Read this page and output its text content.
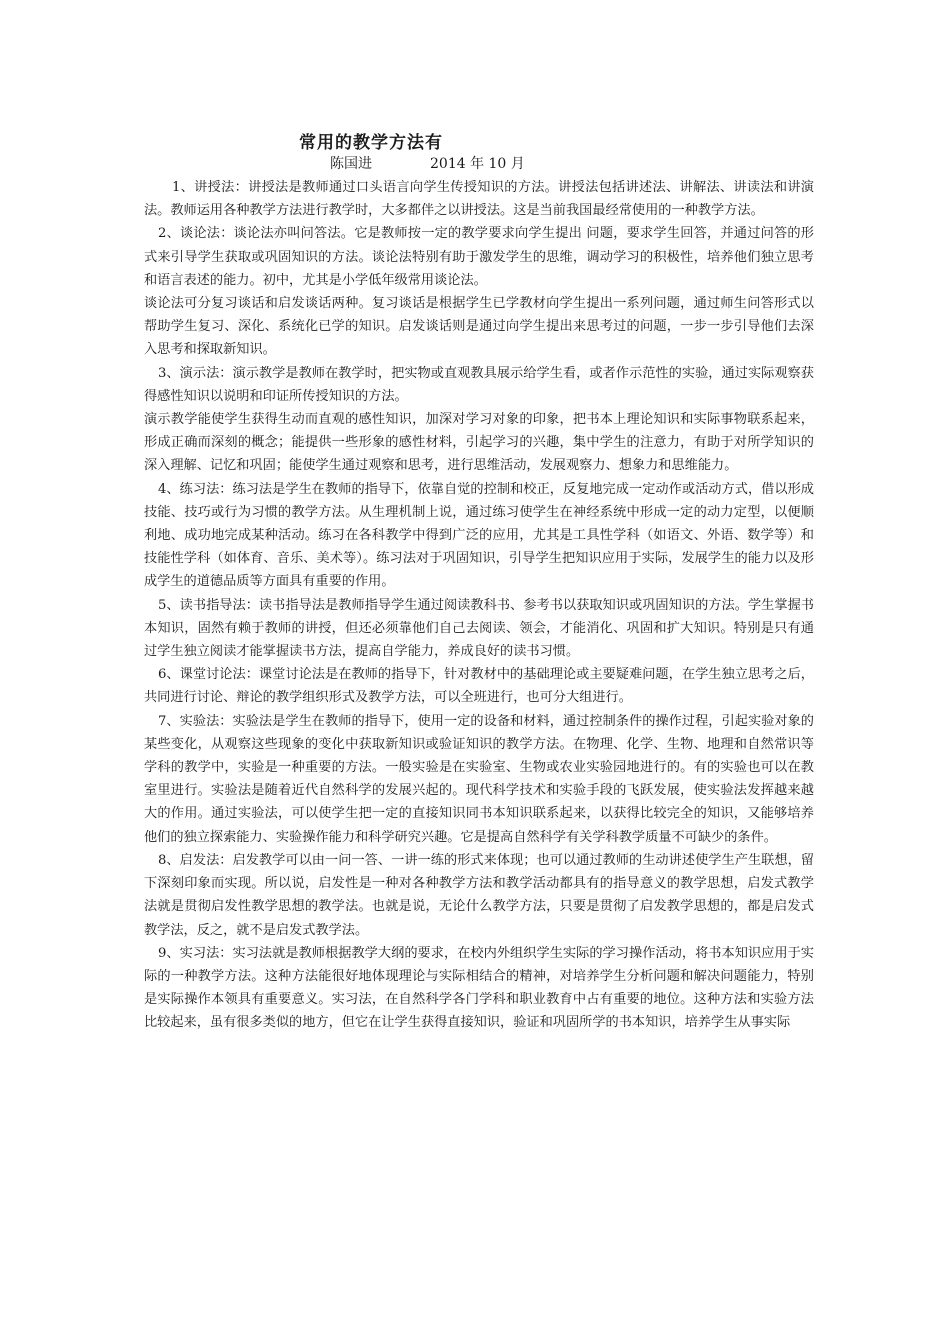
常用的教学方法有
陈国进	2014 年 10 月

1、讲授法：讲授法是教师通过口头语言向学生传授知识的方法。讲授法包括讲述法、讲解法、讲读法和讲演法。教师运用各种教学方法进行教学时，大多都伴之以讲授法。这是当前我国最经常使用的一种教学方法。

2、谈论法：谈论法亦叫问答法。它是教师按一定的教学要求向学生提出 问题，要求学生回答，并通过问答的形式来引导学生获取或巩固知识的方法。谈论法特别有助于激发学生的思维，调动学习的积极性，培养他们独立思考和语言表述的能力。初中，尤其是小学低年级常用谈论法。

谈论法可分复习谈话和启发谈话两种。复习谈话是根据学生已学教材向学生提出一系列问题，通过师生问答形式以帮助学生复习、深化、系统化已学的知识。启发谈话则是通过向学生提出来思考过的问题，一步一步引导他们去深入思考和探取新知识。

3、演示法：演示教学是教师在教学时，把实物或直观教具展示给学生看，或者作示范性的实验，通过实际观察获得感性知识以说明和印证所传授知识的方法。

演示教学能使学生获得生动而直观的感性知识，加深对学习对象的印象，把书本上理论知识和实际事物联系起来，形成正确而深刻的概念；能提供一些形象的感性材料，引起学习的兴趣，集中学生的注意力，有助于对所学知识的深入理解、记忆和巩固；能使学生通过观察和思考，进行思维活动，发展观察力、想象力和思维能力。

4、练习法：练习法是学生在教师的指导下，依靠自觉的控制和校正，反复地完成一定动作或活动方式，借以形成技能、技巧或行为习惯的教学方法。从生理机制上说，通过练习使学生在神经系统中形成一定的动力定型，以便顺利地、成功地完成某种活动。练习在各科教学中得到广泛的应用，尤其是工具性学科（如语文、外语、数学等）和技能性学科（如体育、音乐、美术等）。练习法对于巩固知识，引导学生把知识应用于实际，发展学生的能力以及形成学生的道德品质等方面具有重要的作用。

5、读书指导法：读书指导法是教师指导学生通过阅读教科书、参考书以获取知识或巩固知识的方法。学生掌握书本知识，固然有赖于教师的讲授，但还必须靠他们自己去阅读、领会，才能消化、巩固和扩大知识。特别是只有通过学生独立阅读才能掌握读书方法，提高自学能力，养成良好的读书习惯。

6、课堂讨论法：课堂讨论法是在教师的指导下，针对教材中的基础理论或主要疑难问题，在学生独立思考之后，共同进行讨论、辩论的教学组织形式及教学方法，可以全班进行，也可分大组进行。

7、实验法：实验法是学生在教师的指导下，使用一定的设备和材料，通过控制条件的操作过程，引起实验对象的某些变化，从观察这些现象的变化中获取新知识或验证知识的教学方法。在物理、化学、生物、地理和自然常识等学科的教学中，实验是一种重要的方法。一般实验是在实验室、生物或农业实验园地进行的。有的实验也可以在教室里进行。实验法是随着近代自然科学的发展兴起的。现代科学技术和实验手段的飞跃发展，使实验法发挥越来越大的作用。通过实验法，可以使学生把一定的直接知识同书本知识联系起来，以获得比较完全的知识，又能够培养他们的独立探索能力、实验操作能力和科学研究兴趣。它是提高自然科学有关学科教学质量不可缺少的条件。

8、启发法：启发教学可以由一问一答、一讲一练的形式来体现；也可以通过教师的生动讲述使学生产生联想，留下深刻印象而实现。所以说，启发性是一种对各种教学方法和教学活动都具有的指导意义的教学思想，启发式教学法就是贯彻启发性教学思想的教学法。也就是说，无论什么教学方法，只要是贯彻了启发教学思想的，都是启发式教学法，反之，就不是启发式教学法。

9、实习法：实习法就是教师根据教学大纲的要求，在校内外组织学生实际的学习操作活动，将书本知识应用于实际的一种教学方法。这种方法能很好地体现理论与实际相结合的精神，对培养学生分析问题和解决问题能力，特别是实际操作本领具有重要意义。实习法，在自然科学各门学科和职业教育中占有重要的地位。这种方法和实验方法比较起来，虽有很多类似的地方，但它在让学生获得直接知识，验证和巩固所学的书本知识，培养学生从事实际
